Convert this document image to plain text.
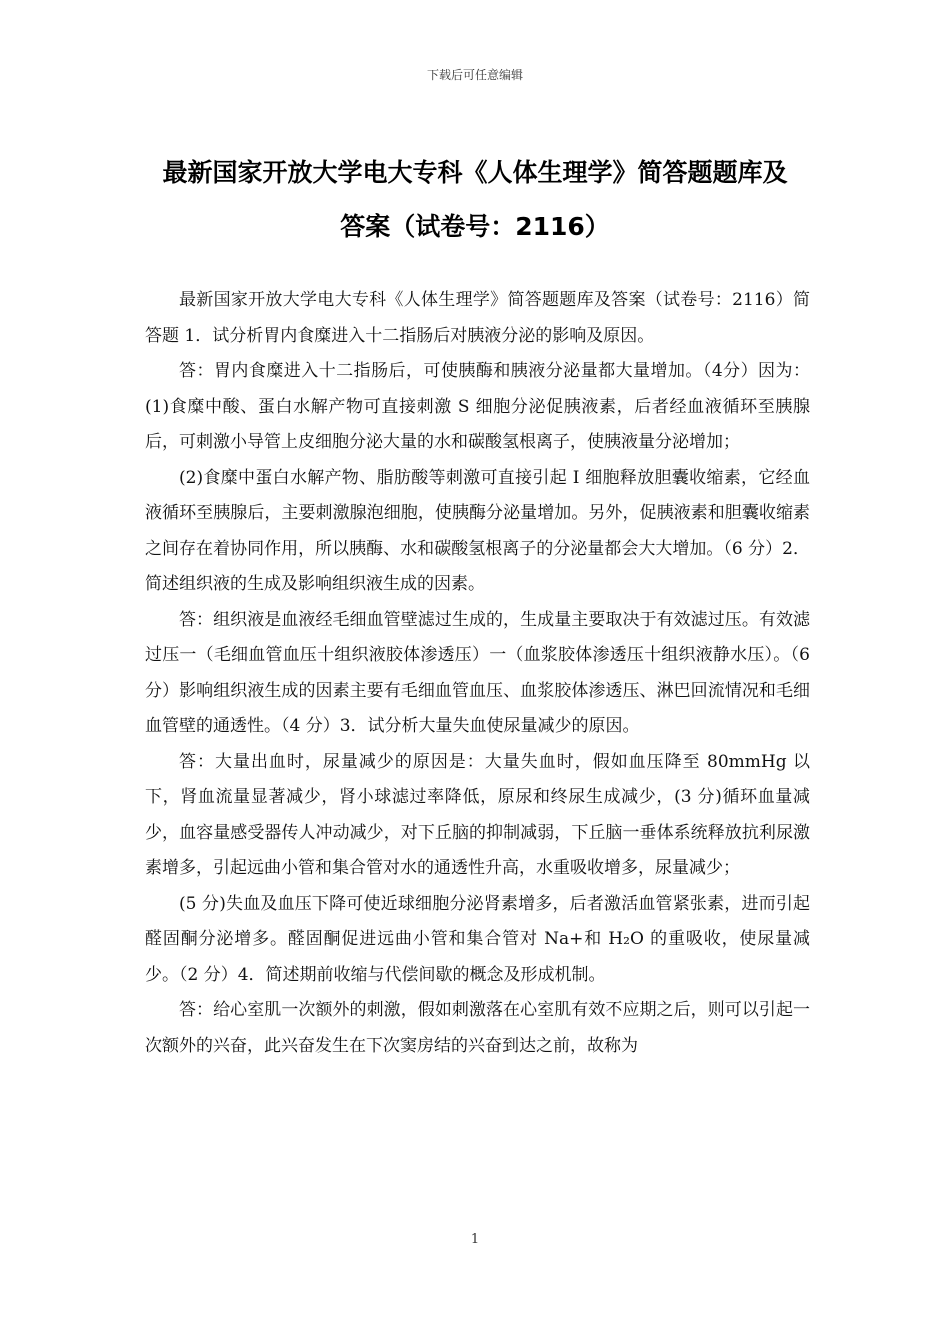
下载后可任意编辑
最新国家开放大学电大专科《人体生理学》简答题题库及
答案（试卷号：2116）

最新国家开放大学电大专科《人体生理学》简答题题库及答案（试卷号：2116）简答题 1．试分析胃内食糜进入十二指肠后对胰液分泌的影响及原因。

答：胃内食糜进入十二指肠后，可使胰酶和胰液分泌量都大量增加。（4分）因为：(1)食糜中酸、蛋白水解产物可直接刺激 S 细胞分泌促胰液素，后者经血液循环至胰腺后，可刺激小导管上皮细胞分泌大量的水和碳酸氢根离子，使胰液量分泌增加；

(2)食糜中蛋白水解产物、脂肪酸等刺激可直接引起 I 细胞释放胆囊收缩素，它经血液循环至胰腺后，主要刺激腺泡细胞，使胰酶分泌量增加。另外，促胰液素和胆囊收缩素之间存在着协同作用，所以胰酶、水和碳酸氢根离子的分泌量都会大大增加。（6 分）2．简述组织液的生成及影响组织液生成的因素。

答：组织液是血液经毛细血管壁滤过生成的，生成量主要取决于有效滤过压。有效滤过压一（毛细血管血压十组织液胶体渗透压）一（血浆胶体渗透压十组织液静水压）。（6 分）影响组织液生成的因素主要有毛细血管血压、血浆胶体渗透压、淋巴回流情况和毛细血管壁的通透性。（4 分）3．试分析大量失血使尿量减少的原因。

答：大量出血时，尿量减少的原因是：大量失血时，假如血压降至 80mmHg 以下，肾血流量显著减少，肾小球滤过率降低，原尿和终尿生成减少，(3 分)循环血量减少，血容量感受器传人冲动减少，对下丘脑的抑制减弱，下丘脑一垂体系统释放抗利尿激素增多，引起远曲小管和集合管对水的通透性升高，水重吸收增多，尿量减少；

(5 分)失血及血压下降可使近球细胞分泌肾素增多，后者激活血管紧张素，进而引起醛固酮分泌增多。醛固酮促进远曲小管和集合管对 Na+和 H₂O 的重吸收，使尿量减少。（2 分）4．简述期前收缩与代偿间歇的概念及形成机制。

答：给心室肌一次额外的刺激，假如刺激落在心室肌有效不应期之后，则可以引起一次额外的兴奋，此兴奋发生在下次窦房结的兴奋到达之前，故称为

1
